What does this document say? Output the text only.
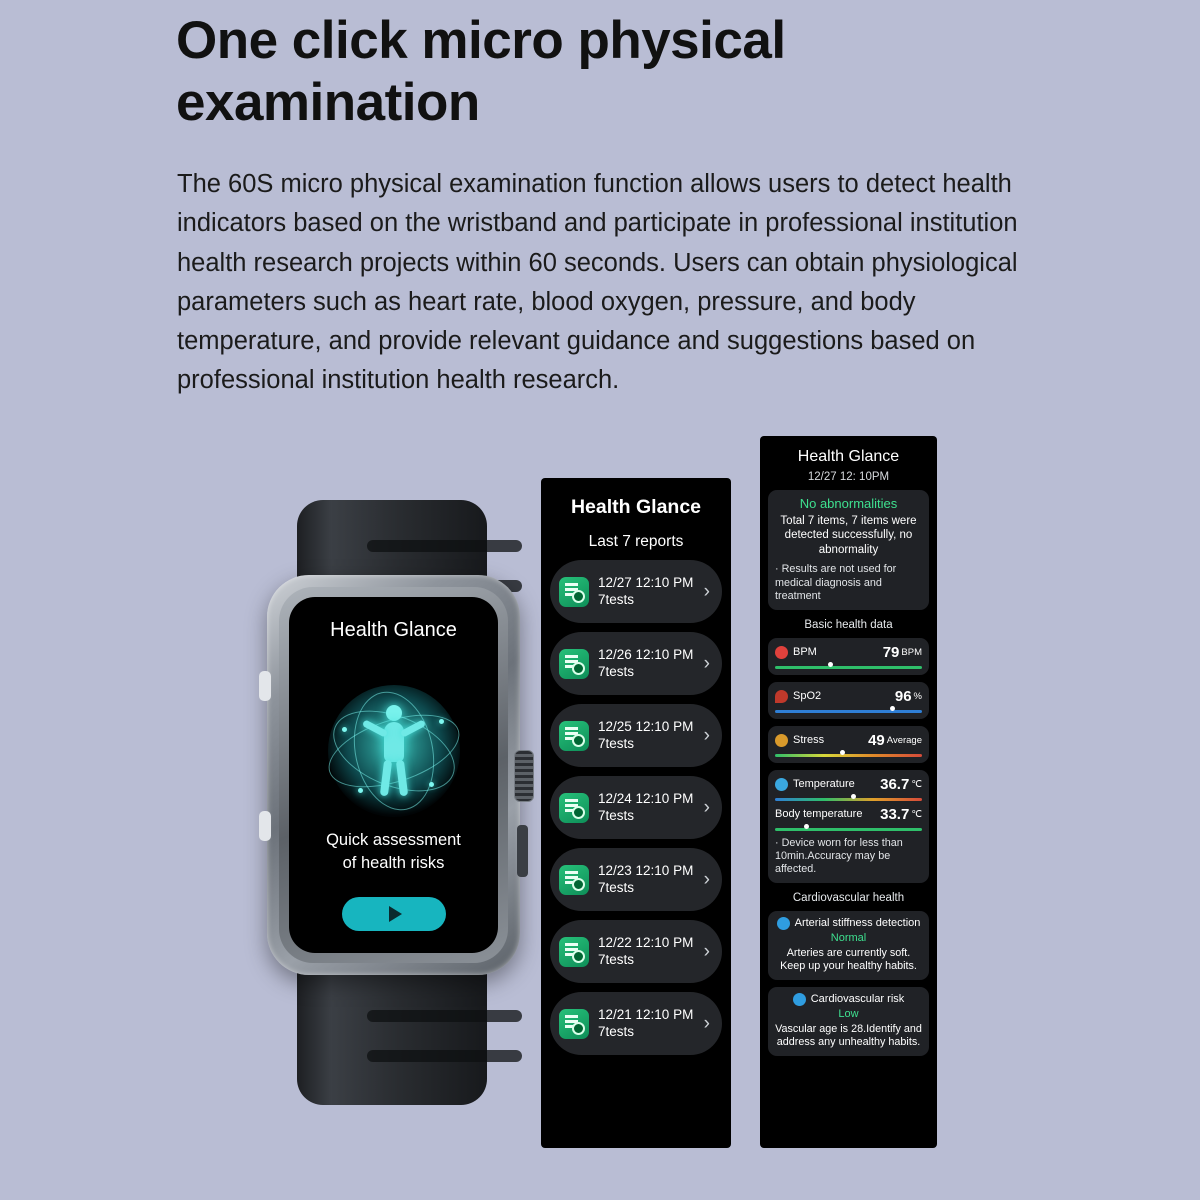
One click micro physical examination
The 60S micro physical examination function allows users to detect health indicators based on the wristband and participate in professional institution health research projects within 60 seconds. Users can obtain physiological parameters such as heart rate, blood oxygen, pressure, and body temperature, and provide relevant guidance and suggestions based on professional institution health research.
Health Glance
Quick assessment
of health risks
Health Glance
Last 7 reports
12/27 12:10 PM
7tests	›
12/26 12:10 PM
7tests	›
12/25 12:10 PM
7tests	›
12/24 12:10 PM
7tests	›
12/23 12:10 PM
7tests	›
12/22 12:10 PM
7tests	›
12/21 12:10 PM
7tests	›
Health Glance
12/27 12: 10PM
No abnormalities
Total 7 items, 7 items were detected successfully, no abnormality
· Results are not used for medical diagnosis and treatment
Basic health data
BPM	79 BPM
SpO2	96 %
Stress	49 Average
Temperature 36.7 ℃
Body temperature	33.7 ℃
· Device worn for less than 10min.Accuracy may be affected.
Cardiovascular health
Arterial stiffness detection
Normal
Arteries are currently soft. Keep up your healthy habits.
Cardiovascular risk
Low
Vascular age is 28.Identify and address any unhealthy habits.
